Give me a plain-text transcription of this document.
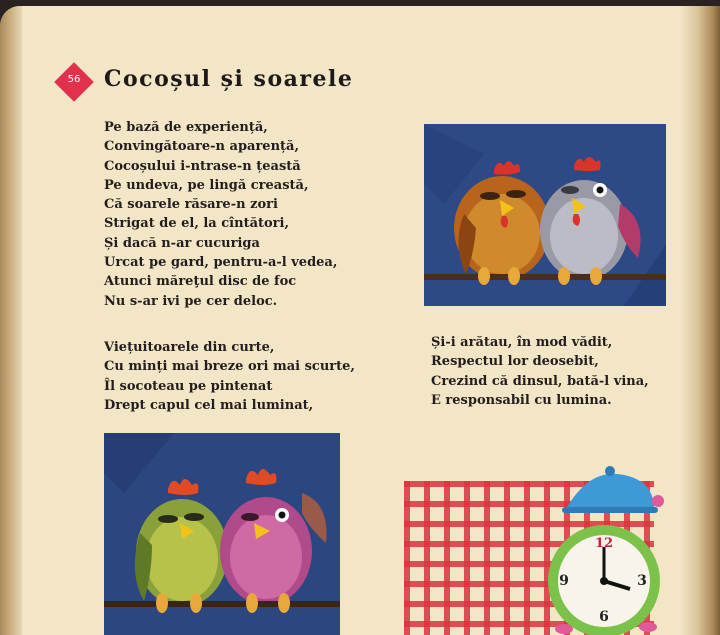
56	Cocoșul și soarele
Pe bază de experiență,
Convingătoare-n aparență,
Cocoșului i-ntrase-n țeastă
Pe undeva, pe lingă creastă,
Că soarele răsare-n zori
Strigat de el, la cîntători,
Și dacă n-ar cucuriga
Urcat pe gard, pentru-a-l vedea,
Atunci măreţul disc de foc
Nu s-ar ivi pe cer deloc.
Viețuitoarele din curte,
Cu minți mai breze ori mai scurte,
Îl socoteau pe pintenat
Drept capul cel mai luminat,
Și-i arătau, în mod vădit,
Respectul lor deosebit,
Crezind că dinsul, bată-l vina,
E responsabil cu lumina.
12
3
6
9
